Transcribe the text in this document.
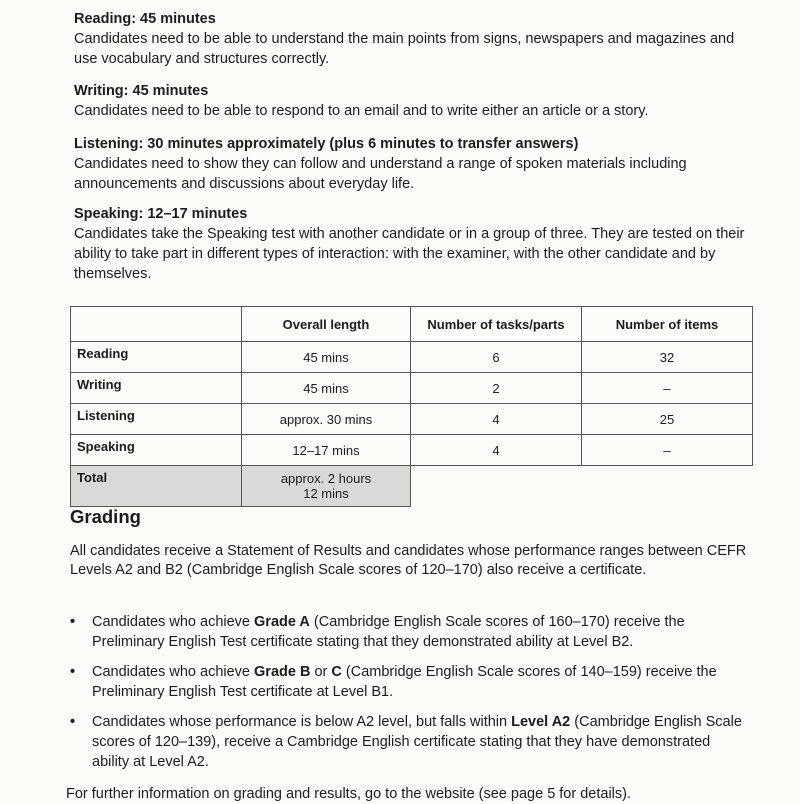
Reading: 45 minutes
Candidates need to be able to understand the main points from signs, newspapers and magazines and use vocabulary and structures correctly.
Writing: 45 minutes
Candidates need to be able to respond to an email and to write either an article or a story.
Listening: 30 minutes approximately (plus 6 minutes to transfer answers)
Candidates need to show they can follow and understand a range of spoken materials including announcements and discussions about everyday life.
Speaking: 12–17 minutes
Candidates take the Speaking test with another candidate or in a group of three. They are tested on their ability to take part in different types of interaction: with the examiner, with the other candidate and by themselves.
	Overall length	Number of tasks/parts	Number of items
Reading	45 mins	6	32
Writing	45 mins	2	–
Listening	approx. 30 mins	4	25
Speaking	12–17 mins	4	–
Total	approx. 2 hours
12 mins		

Grading
All candidates receive a Statement of Results and candidates whose performance ranges between CEFR Levels A2 and B2 (Cambridge English Scale scores of 120–170) also receive a certificate.
• Candidates who achieve Grade A (Cambridge English Scale scores of 160–170) receive the Preliminary English Test certificate stating that they demonstrated ability at Level B2.
• Candidates who achieve Grade B or C (Cambridge English Scale scores of 140–159) receive the Preliminary English Test certificate at Level B1.
• Candidates whose performance is below A2 level, but falls within Level A2 (Cambridge English Scale scores of 120–139), receive a Cambridge English certificate stating that they have demonstrated ability at Level A2.
For further information on grading and results, go to the website (see page 5 for details).
